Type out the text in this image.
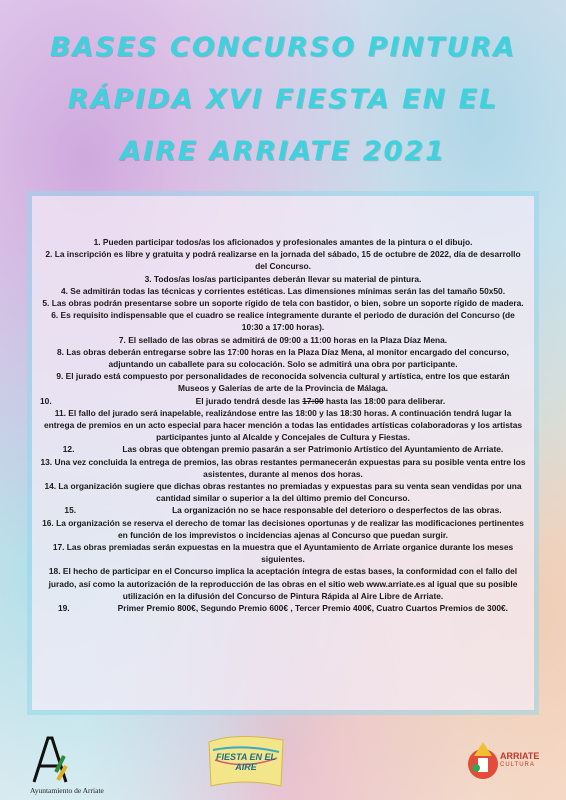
BASES CONCURSO PINTURA
RÁPIDA XVI FIESTA EN EL
AIRE ARRIATE 2021

1. Pueden participar todos/as los aficionados y profesionales amantes de la pintura o el dibujo.

2. La inscripción es libre y gratuita y podrá realizarse en la jornada del sábado, 15 de octubre de 2022, día de desarrollo del Concurso.

3. Todos/as los/as participantes deberán llevar su material de pintura.

4. Se admitirán todas las técnicas y corrientes estéticas. Las dimensiones mínimas serán las del tamaño 50x50.

5. Las obras podrán presentarse sobre un soporte rígido de tela con bastidor, o bien, sobre un soporte rígido de madera.

6. Es requisito indispensable que el cuadro se realice íntegramente durante el periodo de duración del Concurso (de 10:30 a 17:00 horas).

7. El sellado de las obras se admitirá de 09:00 a 11:00 horas en la Plaza Díaz Mena.

8. Las obras deberán entregarse sobre las 17:00 horas en la Plaza Díaz Mena, al monitor encargado del concurso, adjuntando un caballete para su colocación. Solo se admitirá una obra por participante.

9. El jurado está compuesto por personalidades de reconocida solvencia cultural y artística, entre los que estarán Museos y Galerías de arte de la Provincia de Málaga.

10.	El jurado tendrá desde las 17:00 hasta las 18:00 para deliberar.

11. El fallo del jurado será inapelable, realizándose entre las 18:00 y las 18:30 horas. A continuación tendrá lugar la entrega de premios en un acto especial para hacer mención a todas las entidades artísticas colaboradoras y los artistas participantes junto al Alcalde y Concejales de Cultura y Fiestas.

12.	Las obras que obtengan premio pasarán a ser Patrimonio Artístico del Ayuntamiento de Arriate.

13. Una vez concluida la entrega de premios, las obras restantes permanecerán expuestas para su posible venta entre los asistentes, durante al menos dos horas.

14. La organización sugiere que dichas obras restantes no premiadas y expuestas para su venta sean vendidas por una cantidad similar o superior a la del último premio del Concurso.

15.	La organización no se hace responsable del deterioro o desperfectos de las obras.

16. La organización se reserva el derecho de tomar las decisiones oportunas y de realizar las modificaciones pertinentes en función de los imprevistos o incidencias ajenas al Concurso que puedan surgir.

17. Las obras premiadas serán expuestas en la muestra que el Ayuntamiento de Arriate organice durante los meses siguientes.

18. El hecho de participar en el Concurso implica la aceptación íntegra de estas bases, la conformidad con el fallo del jurado, así como la autorización de la reproducción de las obras en el sitio web www.arriate.es al igual que su posible utilización en la difusión del Concurso de Pintura Rápida al Aire Libre de Arriate.

19.	Primer Premio 800€, Segundo Premio 600€ , Tercer Premio 400€, Cuatro Cuartos Premios de 300€.

Ayuntamiento de Arriate
FIESTA EN EL AIRE
ARRIATE
CULTURA
